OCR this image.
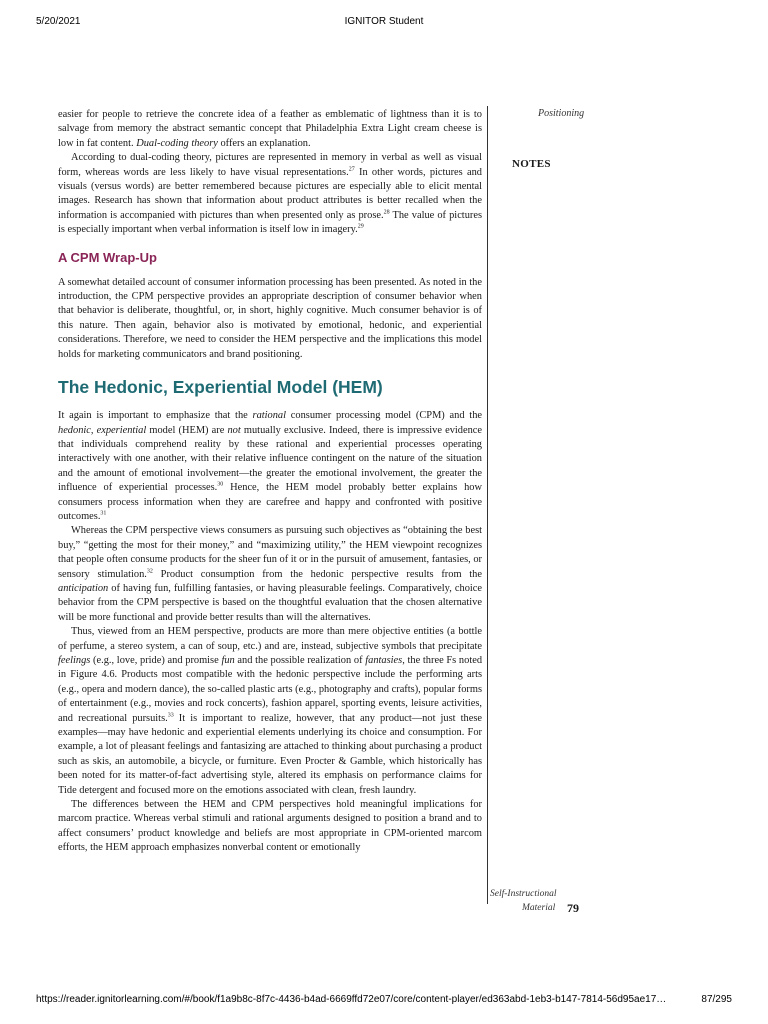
5/20/2021	IGNITOR Student

easier for people to retrieve the concrete idea of a feather as emblematic of lightness than it is to salvage from memory the abstract semantic concept that Philadelphia Extra Light cream cheese is low in fat content. Dual-coding theory offers an explanation.

According to dual-coding theory, pictures are represented in memory in verbal as well as visual form, whereas words are less likely to have visual representations.$^{27}$ In other words, pictures and visuals (versus words) are better remembered because pictures are especially able to elicit mental images. Research has shown that information about product attributes is better recalled when the information is accompanied with pictures than when presented only as prose.$^{28}$ The value of pictures is especially important when verbal information is itself low in imagery.$^{29}$

A CPM Wrap-Up

A somewhat detailed account of consumer information processing has been presented. As noted in the introduction, the CPM perspective provides an appropriate description of consumer behavior when that behavior is deliberate, thoughtful, or, in short, highly cognitive. Much consumer behavior is of this nature. Then again, behavior also is motivated by emotional, hedonic, and experiential considerations. Therefore, we need to consider the HEM perspective and the implications this model holds for marketing communicators and brand positioning.

The Hedonic, Experiential Model (HEM)

It again is important to emphasize that the rational consumer processing model (CPM) and the hedonic, experiential model (HEM) are not mutually exclusive. Indeed, there is impressive evidence that individuals comprehend reality by these rational and experiential processes operating interactively with one another, with their relative influence contingent on the nature of the situation and the amount of emotional involvement—the greater the emotional involvement, the greater the influence of experiential processes.$^{30}$ Hence, the HEM model probably better explains how consumers process information when they are carefree and happy and confronted with positive outcomes.$^{31}$

Whereas the CPM perspective views consumers as pursuing such objectives as “obtaining the best buy,” “getting the most for their money,” and “maximizing utility,” the HEM viewpoint recognizes that people often consume products for the sheer fun of it or in the pursuit of amusement, fantasies, or sensory stimulation.$^{32}$ Product consumption from the hedonic perspective results from the anticipation of having fun, fulfilling fantasies, or having pleasurable feelings. Comparatively, choice behavior from the CPM perspective is based on the thoughtful evaluation that the chosen alternative will be more functional and provide better results than will the alternatives.

Thus, viewed from an HEM perspective, products are more than mere objective entities (a bottle of perfume, a stereo system, a can of soup, etc.) and are, instead, subjective symbols that precipitate feelings (e.g., love, pride) and promise fun and the possible realization of fantasies, the three Fs noted in Figure 4.6. Products most compatible with the hedonic perspective include the performing arts (e.g., opera and modern dance), the so-called plastic arts (e.g., photography and crafts), popular forms of entertainment (e.g., movies and rock concerts), fashion apparel, sporting events, leisure activities, and recreational pursuits.$^{33}$ It is important to realize, however, that any product—not just these examples—may have hedonic and experiential elements underlying its choice and consumption. For example, a lot of pleasant feelings and fantasizing are attached to thinking about purchasing a product such as skis, an automobile, a bicycle, or furniture. Even Procter & Gamble, which historically has been noted for its matter-of-fact advertising style, altered its emphasis on performance claims for Tide detergent and focused more on the emotions associated with clean, fresh laundry.

The differences between the HEM and CPM perspectives hold meaningful implications for marcom practice. Whereas verbal stimuli and rational arguments designed to position a brand and to affect consumers’ product knowledge and beliefs are most appropriate in CPM-oriented marcom efforts, the HEM approach emphasizes nonverbal content or emotionally

Positioning
NOTES
Self-Instructional
Material 79
https://reader.ignitorlearning.com/#/book/f1a9b8c-8f7c-4436-b4ad-6669ffd72e07/core/content-player/ed363abd-1eb3-b147-7814-56d95ae17…	87/295
